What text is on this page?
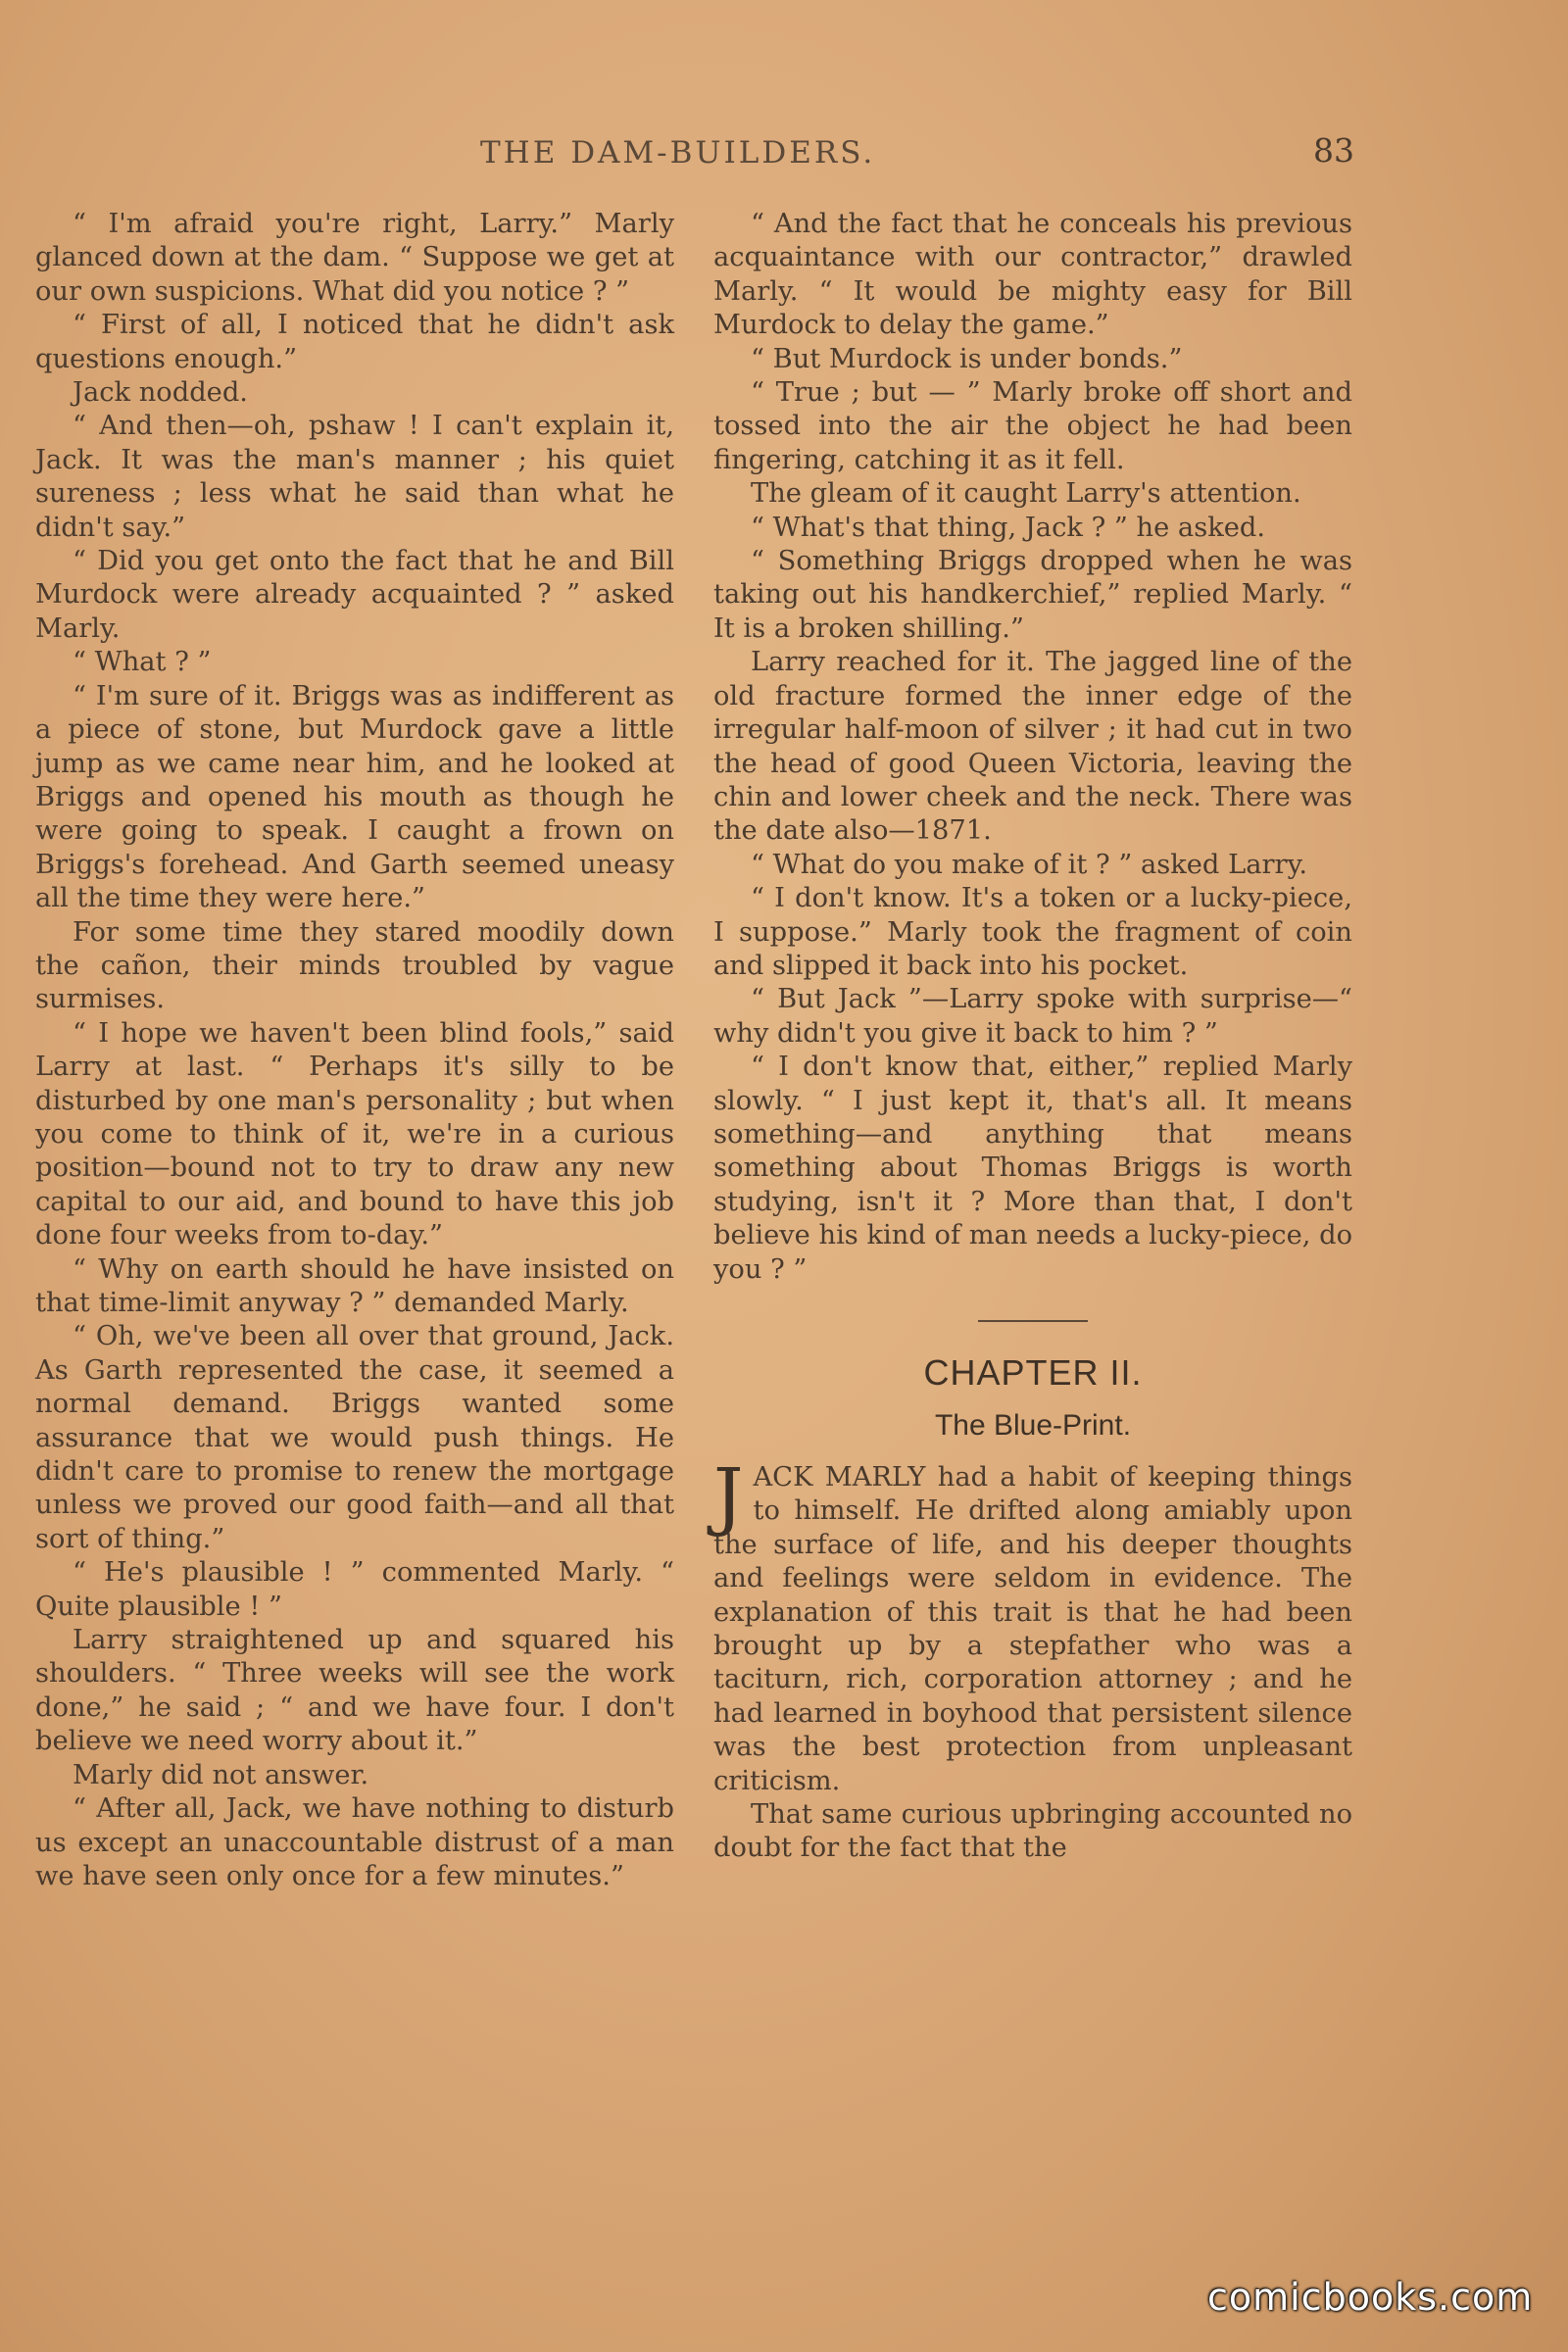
THE DAM-BUILDERS.	83

“ I'm afraid you're right, Larry.” Marly glanced down at the dam. “ Suppose we get at our own suspicions. What did you notice ? ”

“ First of all, I noticed that he didn't ask questions enough.”

Jack nodded.

“ And then—oh, pshaw ! I can't explain it, Jack. It was the man's manner ; his quiet sureness ; less what he said than what he didn't say.”

“ Did you get onto the fact that he and Bill Murdock were already acquainted ? ” asked Marly.

“ What ? ”

“ I'm sure of it. Briggs was as indifferent as a piece of stone, but Murdock gave a little jump as we came near him, and he looked at Briggs and opened his mouth as though he were going to speak. I caught a frown on Briggs's forehead. And Garth seemed uneasy all the time they were here.”

For some time they stared moodily down the cañon, their minds troubled by vague surmises.

“ I hope we haven't been blind fools,” said Larry at last. “ Perhaps it's silly to be disturbed by one man's personality ; but when you come to think of it, we're in a curious position—bound not to try to draw any new capital to our aid, and bound to have this job done four weeks from to-day.”

“ Why on earth should he have insisted on that time-limit anyway ? ” demanded Marly.

“ Oh, we've been all over that ground, Jack. As Garth represented the case, it seemed a normal demand. Briggs wanted some assurance that we would push things. He didn't care to promise to renew the mortgage unless we proved our good faith—and all that sort of thing.”

“ He's plausible ! ” commented Marly. “ Quite plausible ! ”

Larry straightened up and squared his shoulders. “ Three weeks will see the work done,” he said ; “ and we have four. I don't believe we need worry about it.”

Marly did not answer.

“ After all, Jack, we have nothing to disturb us except an unaccountable distrust of a man we have seen only once for a few minutes.”

“ And the fact that he conceals his previous acquaintance with our contractor,” drawled Marly. “ It would be mighty easy for Bill Murdock to delay the game.”

“ But Murdock is under bonds.”

“ True ; but — ” Marly broke off short and tossed into the air the object he had been fingering, catching it as it fell.

The gleam of it caught Larry's attention.

“ What's that thing, Jack ? ” he asked.

“ Something Briggs dropped when he was taking out his handkerchief,” replied Marly. “ It is a broken shilling.”

Larry reached for it. The jagged line of the old fracture formed the inner edge of the irregular half-moon of silver ; it had cut in two the head of good Queen Victoria, leaving the chin and lower cheek and the neck. There was the date also—1871.

“ What do you make of it ? ” asked Larry.

“ I don't know. It's a token or a lucky-piece, I suppose.” Marly took the fragment of coin and slipped it back into his pocket.

“ But Jack ”—Larry spoke with surprise—“ why didn't you give it back to him ? ”

“ I don't know that, either,” replied Marly slowly. “ I just kept it, that's all. It means something—and anything that means something about Thomas Briggs is worth studying, isn't it ? More than that, I don't believe his kind of man needs a lucky-piece, do you ? ”

CHAPTER II.
The Blue-Print.

JACK MARLY had a habit of keeping things to himself. He drifted along amiably upon the surface of life, and his deeper thoughts and feelings were seldom in evidence. The explanation of this trait is that he had been brought up by a stepfather who was a taciturn, rich, corporation attorney ; and he had learned in boyhood that persistent silence was the best protection from unpleasant criticism.

That same curious upbringing accounted no doubt for the fact that the

comicbooks.com
